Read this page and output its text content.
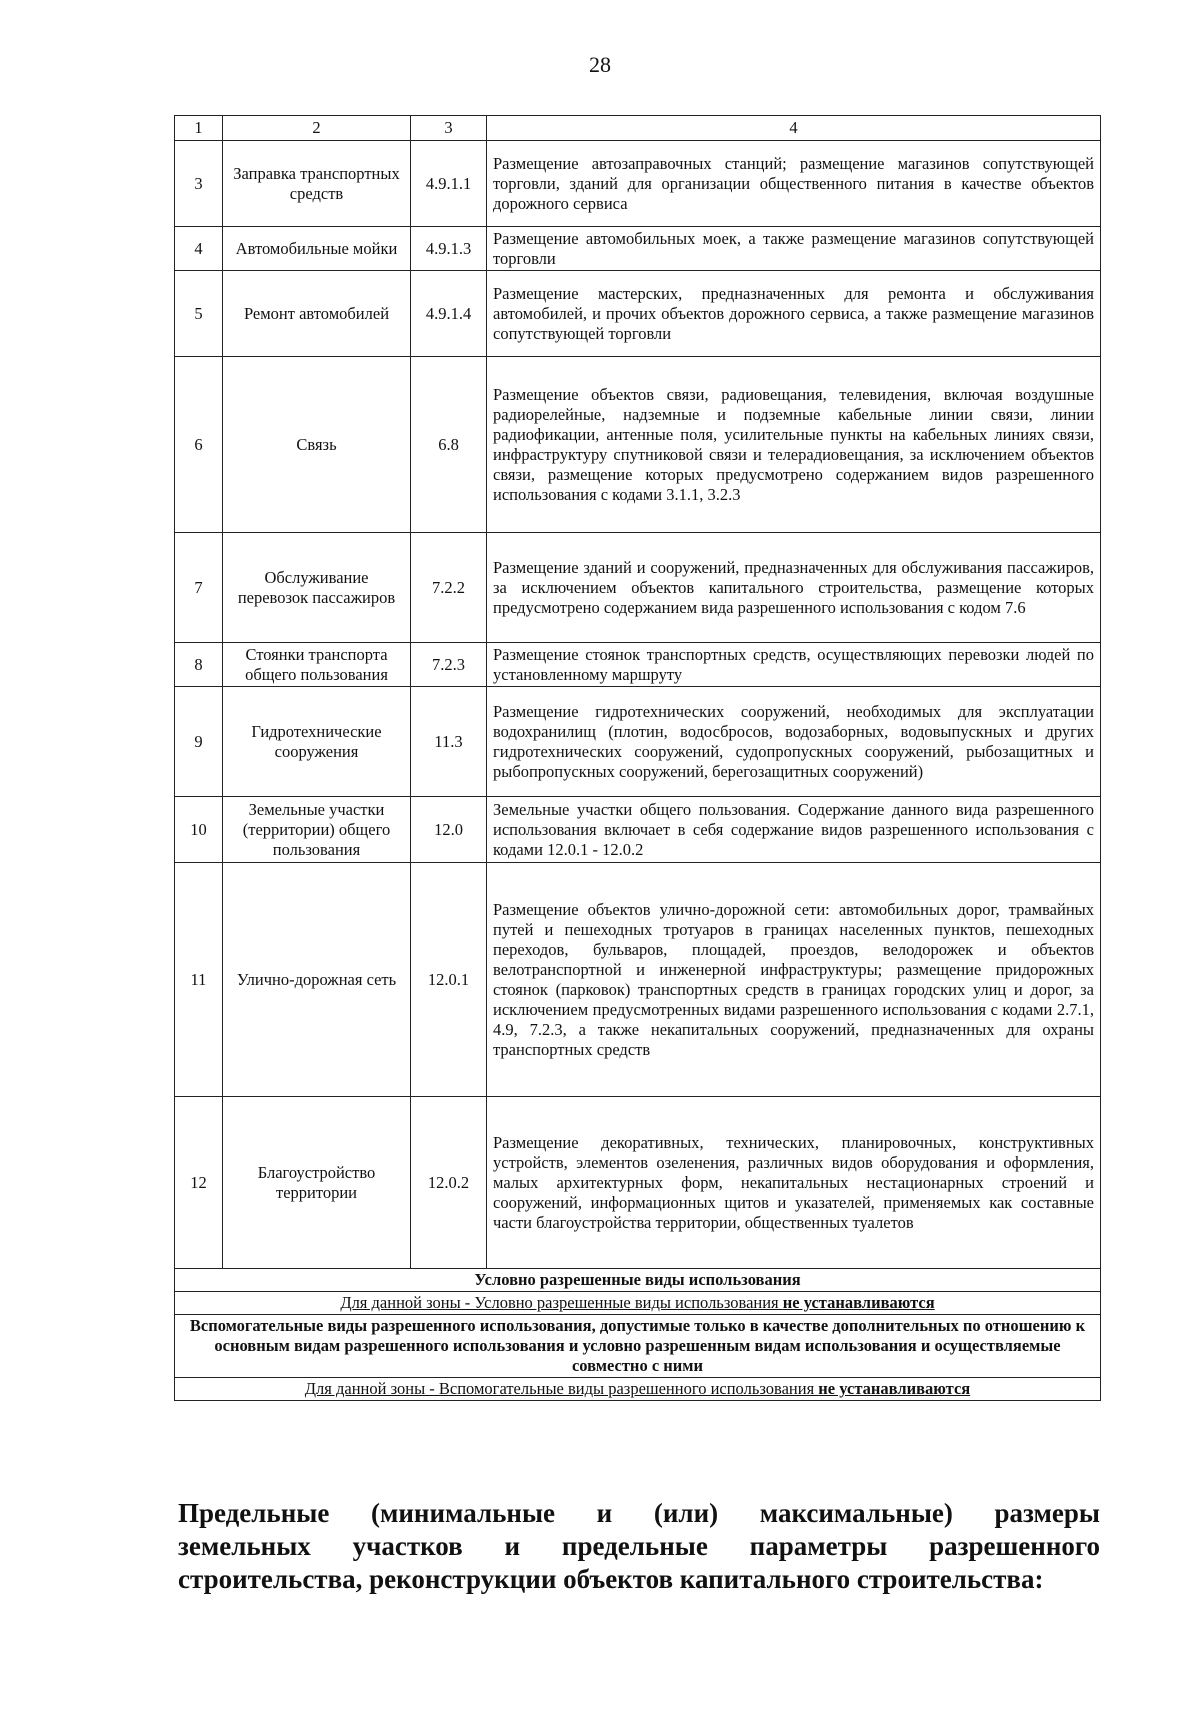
28
1	2	3	4
3	Заправка транспортных средств	4.9.1.1	Размещение автозаправочных станций; размещение магазинов сопутствующей торговли, зданий для организации общественного питания в качестве объектов дорожного сервиса
4	Автомобильные мойки	4.9.1.3	Размещение автомобильных моек, а также размещение магазинов сопутствующей торговли
5	Ремонт автомобилей	4.9.1.4	Размещение мастерских, предназначенных для ремонта и обслуживания автомобилей, и прочих объектов дорожного сервиса, а также размещение магазинов сопутствующей торговли
6	Связь	6.8	Размещение объектов связи, радиовещания, телевидения, включая воздушные радиорелейные, надземные и подземные кабельные линии связи, линии радиофикации, антенные поля, усилительные пункты на кабельных линиях связи, инфраструктуру спутниковой связи и телерадиовещания, за исключением объектов связи, размещение которых предусмотрено содержанием видов разрешенного использования с кодами 3.1.1, 3.2.3
7	Обслуживание перевозок пассажиров	7.2.2	Размещение зданий и сооружений, предназначенных для обслуживания пассажиров, за исключением объектов капитального строительства, размещение которых предусмотрено содержанием вида разрешенного использования с кодом 7.6
8	Стоянки транспорта общего пользования	7.2.3	Размещение стоянок транспортных средств, осуществляющих перевозки людей по установленному маршруту
9	Гидротехнические сооружения	11.3	Размещение гидротехнических сооружений, необходимых для эксплуатации водохранилищ (плотин, водосбросов, водозаборных, водовыпускных и других гидротехнических сооружений, судопропускных сооружений, рыбозащитных и рыбопропускных сооружений, берегозащитных сооружений)
10	Земельные участки (территории) общего пользования	12.0	Земельные участки общего пользования. Содержание данного вида разрешенного использования включает в себя содержание видов разрешенного использования с кодами 12.0.1 - 12.0.2
11	Улично-дорожная сеть	12.0.1	Размещение объектов улично-дорожной сети: автомобильных дорог, трамвайных путей и пешеходных тротуаров в границах населенных пунктов, пешеходных переходов, бульваров, площадей, проездов, велодорожек и объектов велотранспортной и инженерной инфраструктуры; размещение придорожных стоянок (парковок) транспортных средств в границах городских улиц и дорог, за исключением предусмотренных видами разрешенного использования с кодами 2.7.1, 4.9, 7.2.3, а также некапитальных сооружений, предназначенных для охраны транспортных средств
12	Благоустройство территории	12.0.2	Размещение декоративных, технических, планировочных, конструктивных устройств, элементов озеленения, различных видов оборудования и оформления, малых архитектурных форм, некапитальных нестационарных строений и сооружений, информационных щитов и указателей, применяемых как составные части благоустройства территории, общественных туалетов
Условно разрешенные виды использования			
Для данной зоны - Условно разрешенные виды использования не устанавливаются			
Вспомогательные виды разрешенного использования, допустимые только в качестве дополнительных по отношению к основным видам разрешенного использования и условно разрешенным видам использования и осуществляемые совместно с ними			
Для данной зоны - Вспомогательные виды разрешенного использования не устанавливаются			
Предельные (минимальные и (или) максимальные) размеры
земельных участков и предельные параметры разрешенного
строительства, реконструкции объектов капитального строительства:
